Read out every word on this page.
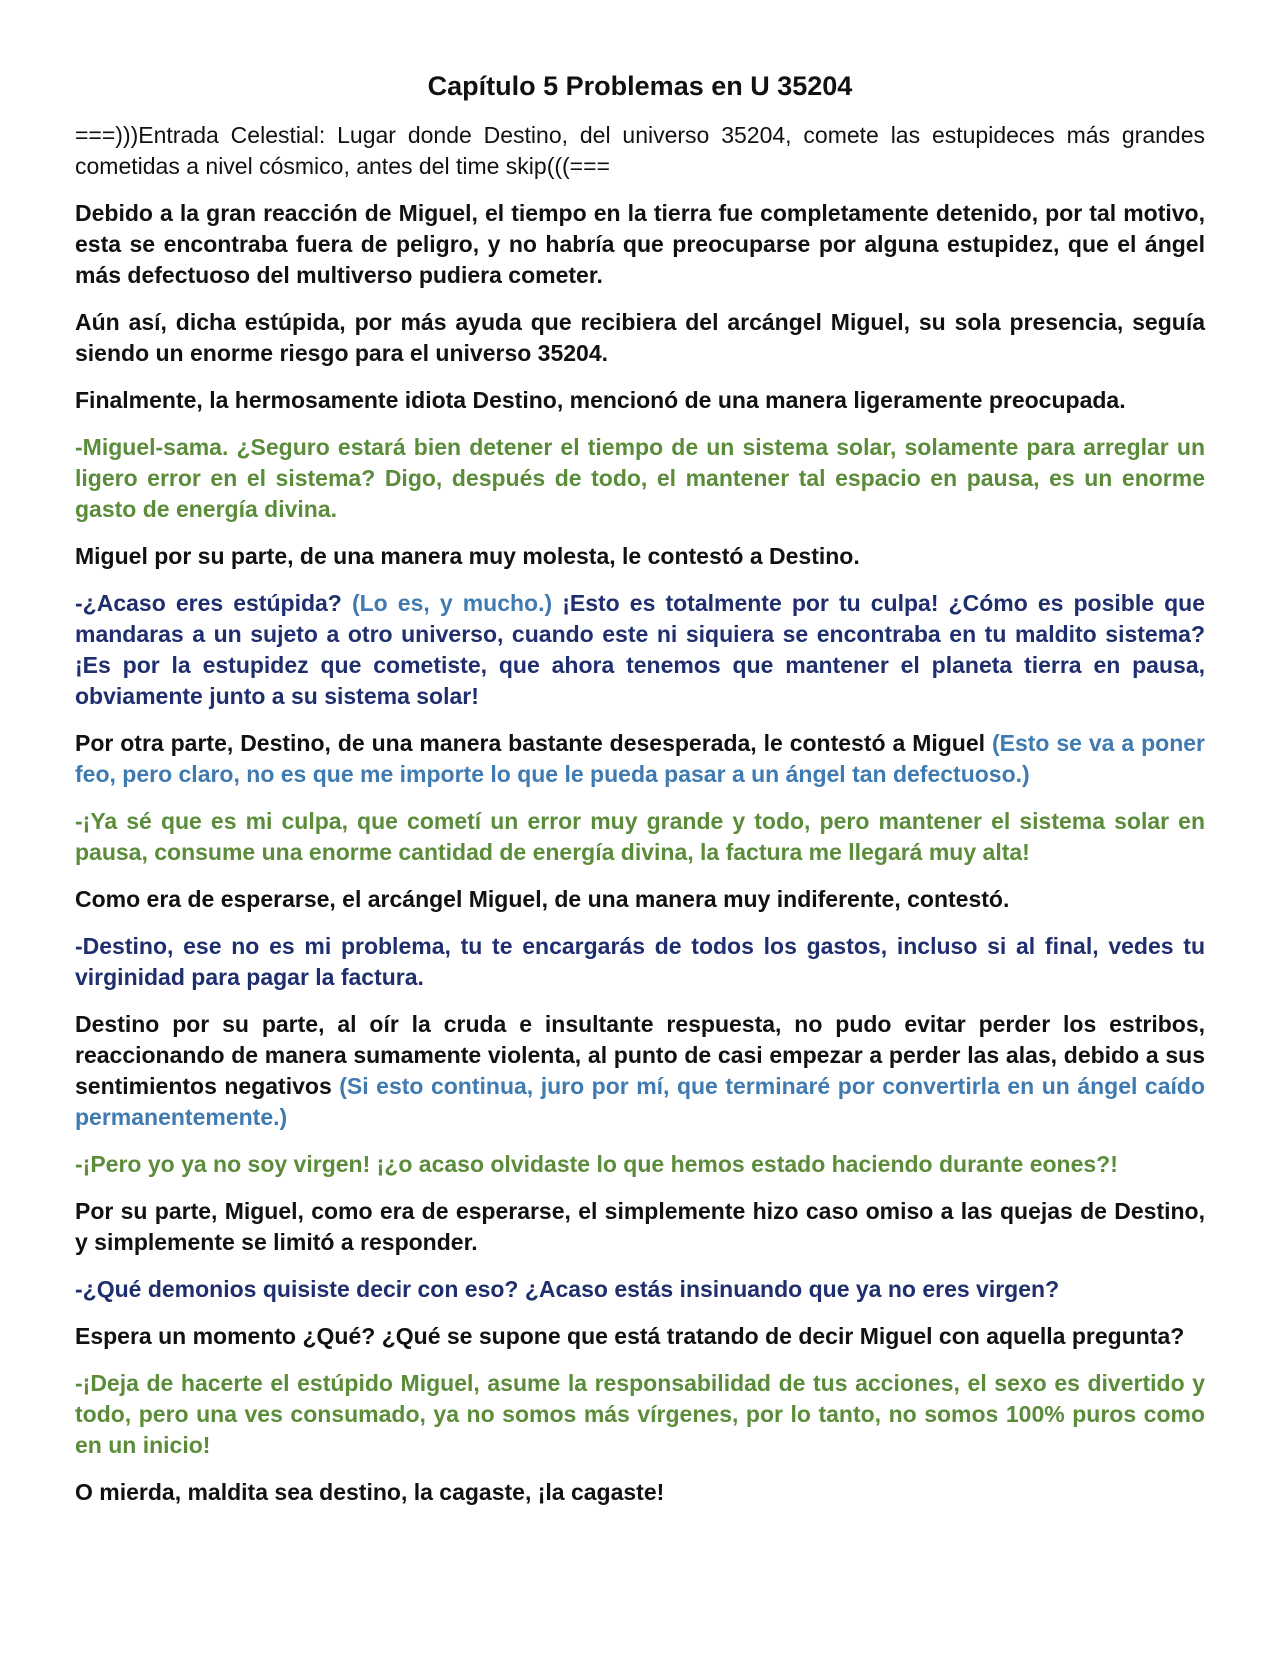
Capítulo 5 Problemas en U 35204

===)))Entrada Celestial: Lugar donde Destino, del universo 35204, comete las estupideces más grandes cometidas a nivel cósmico, antes del time skip(((===

Debido a la gran reacción de Miguel, el tiempo en la tierra fue completamente detenido, por tal motivo, esta se encontraba fuera de peligro, y no habría que preocuparse por alguna estupidez, que el ángel más defectuoso del multiverso pudiera cometer.

Aún así, dicha estúpida, por más ayuda que recibiera del arcángel Miguel, su sola presencia, seguía siendo un enorme riesgo para el universo 35204.

Finalmente, la hermosamente idiota Destino, mencionó de una manera ligeramente preocupada.

-Miguel-sama. ¿Seguro estará bien detener el tiempo de un sistema solar, solamente para arreglar un ligero error en el sistema? Digo, después de todo, el mantener tal espacio en pausa, es un enorme gasto de energía divina.

Miguel por su parte, de una manera muy molesta, le contestó a Destino.

-¿Acaso eres estúpida? (Lo es, y mucho.) ¡Esto es totalmente por tu culpa! ¿Cómo es posible que mandaras a un sujeto a otro universo, cuando este ni siquiera se encontraba en tu maldito sistema? ¡Es por la estupidez que cometiste, que ahora tenemos que mantener el planeta tierra en pausa, obviamente junto a su sistema solar!

Por otra parte, Destino, de una manera bastante desesperada, le contestó a Miguel (Esto se va a poner feo, pero claro, no es que me importe lo que le pueda pasar a un ángel tan defectuoso.)

-¡Ya sé que es mi culpa, que cometí un error muy grande y todo, pero mantener el sistema solar en pausa, consume una enorme cantidad de energía divina, la factura me llegará muy alta!

Como era de esperarse, el arcángel Miguel, de una manera muy indiferente, contestó.

-Destino, ese no es mi problema, tu te encargarás de todos los gastos, incluso si al final, vedes tu virginidad para pagar la factura.

Destino por su parte, al oír la cruda e insultante respuesta, no pudo evitar perder los estribos, reaccionando de manera sumamente violenta, al punto de casi empezar a perder las alas, debido a sus sentimientos negativos (Si esto continua, juro por mí, que terminaré por convertirla en un ángel caído permanentemente.)

-¡Pero yo ya no soy virgen! ¡¿o acaso olvidaste lo que hemos estado haciendo durante eones?!

Por su parte, Miguel, como era de esperarse, el simplemente hizo caso omiso a las quejas de Destino, y simplemente se limitó a responder.

-¿Qué demonios quisiste decir con eso? ¿Acaso estás insinuando que ya no eres virgen?

Espera un momento ¿Qué? ¿Qué se supone que está tratando de decir Miguel con aquella pregunta?

-¡Deja de hacerte el estúpido Miguel, asume la responsabilidad de tus acciones, el sexo es divertido y todo, pero una ves consumado, ya no somos más vírgenes, por lo tanto, no somos 100% puros como en un inicio!

O mierda, maldita sea destino, la cagaste, ¡la cagaste!
